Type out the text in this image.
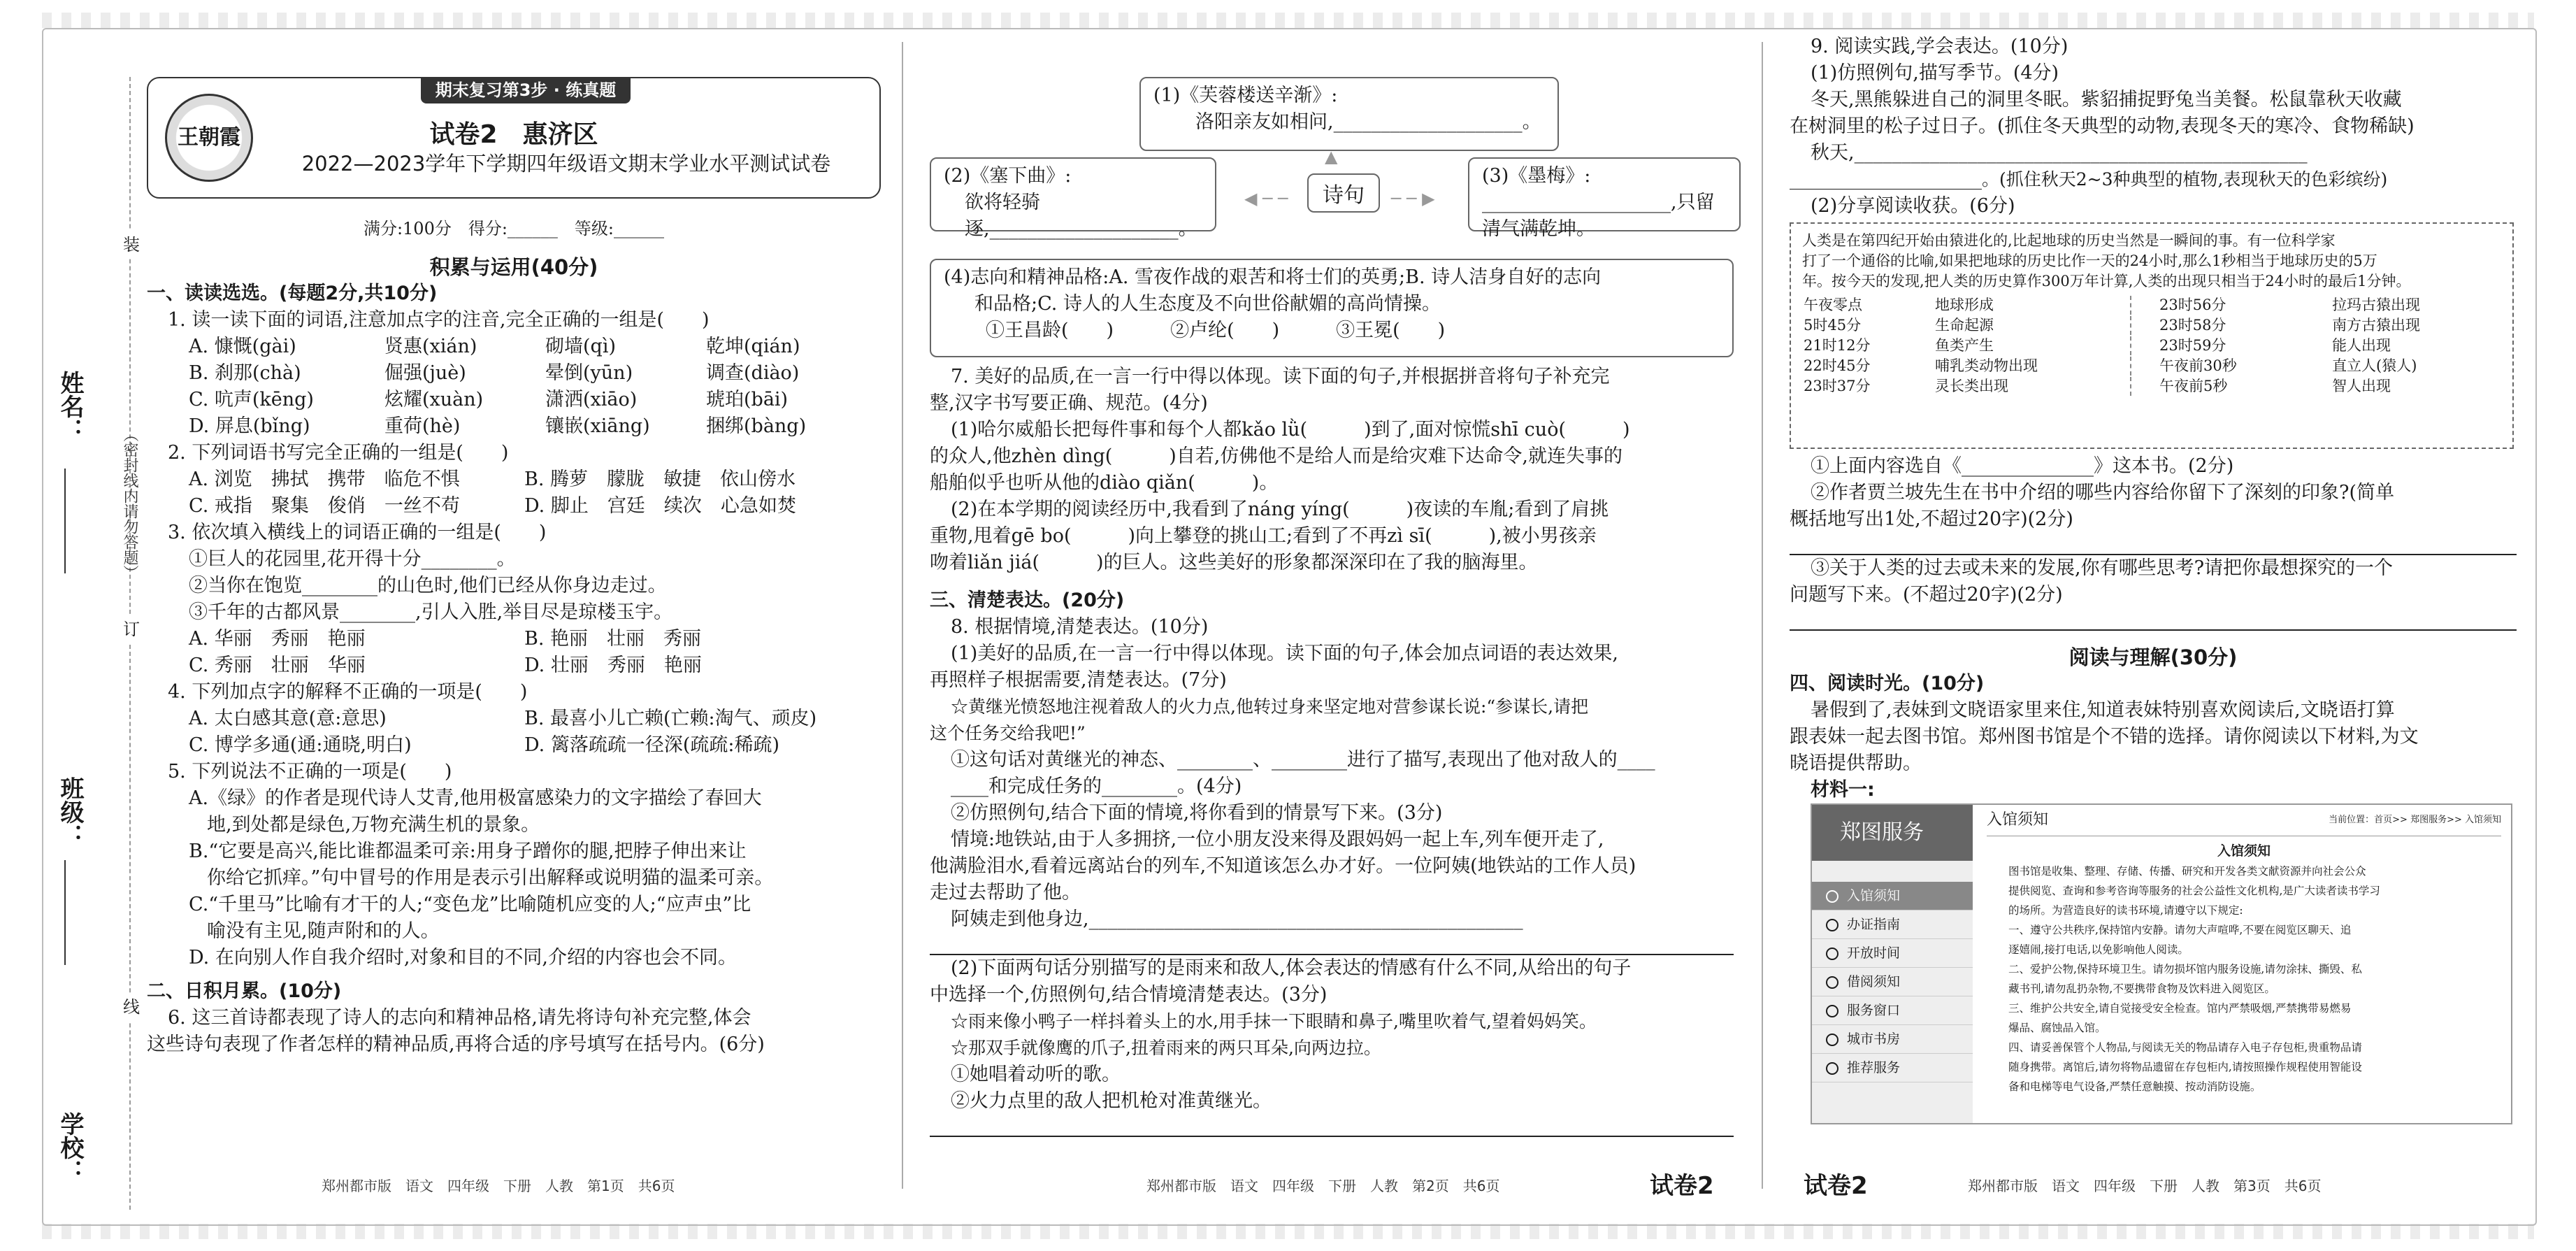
姓名：
班级：
学校：
装
订
线
（密封线内请勿答题）
期末复习第3步 · 练真题
王朝霞	试卷2　惠济区
2022—2023学年下学期四年级语文期末学业水平测试试卷

满分:100分　得分:______　等级:______

积累与运用(40分)

一、读读选选。(每题2分,共10分)

1. 读一读下面的词语,注意加点字的注音,完全正确的一组是(　　)

A. 慷慨(gài)	贤惠(xián)	砌墙(qì)	乾坤(qián)
B. 刹那(chà)	倔强(juè)	晕倒(yūn)	调查(diào)
C. 吭声(kēng)	炫耀(xuàn)	潇洒(xiāo)	琥珀(bāi)
D. 屏息(bǐng)	重荷(hè)	镶嵌(xiāng)	捆绑(bàng)

2. 下列词语书写完全正确的一组是(　　)

A. 浏览　拂拭　携带　临危不惧	B. 腾萝　朦胧　敏捷　依山傍水
C. 戒指　聚集　俊俏　一丝不苟	D. 脚止　宫廷　续次　心急如焚

3. 依次填入横线上的词语正确的一组是(　　)

①巨人的花园里,花开得十分________。

②当你在饱览________的山色时,他们已经从你身边走过。

③千年的古都风景________,引人入胜,举目尽是琼楼玉宇。

A. 华丽　秀丽　艳丽	B. 艳丽　壮丽　秀丽
C. 秀丽　壮丽　华丽	D. 壮丽　秀丽　艳丽

4. 下列加点字的解释不正确的一项是(　　)

A. 太白感其意(意:意思)	B. 最喜小儿亡赖(亡赖:淘气、顽皮)
C. 博学多通(通:通晓,明白)	D. 篱落疏疏一径深(疏疏:稀疏)

5. 下列说法不正确的一项是(　　)

A.《绿》的作者是现代诗人艾青,他用极富感染力的文字描绘了春回大

地,到处都是绿色,万物充满生机的景象。

B.“它要是高兴,能比谁都温柔可亲:用身子蹭你的腿,把脖子伸出来让

你给它抓痒。”句中冒号的作用是表示引出解释或说明猫的温柔可亲。

C.“千里马”比喻有才干的人;“变色龙”比喻随机应变的人;“应声虫”比

喻没有主见,随声附和的人。

D. 在向别人作自我介绍时,对象和目的不同,介绍的内容也会不同。

二、日积月累。(10分)

6. 这三首诗都表现了诗人的志向和精神品格,请先将诗句补充完整,体会

这些诗句表现了作者怎样的精神品质,再将合适的序号填写在括号内。(6分)

郑州都市版　语文　四年级　下册　人教　第1页　共6页

(1)《芙蓉楼送辛渐》:

洛阳亲友如相问,____________________。

(2)《塞下曲》:

欲将轻骑逐,____________________。

诗句
◀ ─ ─	─ ─ ▶
▲

(3)《墨梅》:

____________________,只留清气满乾坤。

(4)志向和精神品格:A. 雪夜作战的艰苦和将士们的英勇;B. 诗人洁身自好的志向

和品格;C. 诗人的人生态度及不向世俗献媚的高尚情操。

①王昌龄(　　)　　　②卢纶(　　)　　　③王冕(　　)

7. 美好的品质,在一言一行中得以体现。读下面的句子,并根据拼音将句子补充完

整,汉字书写要正确、规范。(4分)

(1)哈尔威船长把每件事和每个人都kǎo lǜ(　　　)到了,面对惊慌shī cuò(　　　)

的众人,他zhèn dìng(　　　)自若,仿佛他不是给人而是给灾难下达命令,就连失事的

船舶似乎也听从他的diào qiǎn(　　　)。

(2)在本学期的阅读经历中,我看到了náng yíng(　　　)夜读的车胤;看到了肩挑

重物,甩着gē bo(　　　)向上攀登的挑山工;看到了不再zì sī(　　　),被小男孩亲

吻着liǎn jiá(　　　)的巨人。这些美好的形象都深深印在了我的脑海里。

三、清楚表达。(20分)

8. 根据情境,清楚表达。(10分)

(1)美好的品质,在一言一行中得以体现。读下面的句子,体会加点词语的表达效果,

再照样子根据需要,清楚表达。(7分)

☆黄继光愤怒地注视着敌人的火力点,他转过身来坚定地对营参谋长说:“参谋长,请把

这个任务交给我吧!”

①这句话对黄继光的神态、________、________进行了描写,表现出了他对敌人的____

____和完成任务的________。(4分)

②仿照例句,结合下面的情境,将你看到的情景写下来。(3分)

情境:地铁站,由于人多拥挤,一位小朋友没来得及跟妈妈一起上车,列车便开走了,

他满脸泪水,看着远离站台的列车,不知道该怎么办才好。一位阿姨(地铁站的工作人员)

走过去帮助了他。

阿姨走到他身边,______________________________________________

(2)下面两句话分别描写的是雨来和敌人,体会表达的情感有什么不同,从给出的句子

中选择一个,仿照例句,结合情境清楚表达。(3分)

☆雨来像小鸭子一样抖着头上的水,用手抹一下眼睛和鼻子,嘴里吹着气,望着妈妈笑。

☆那双手就像鹰的爪子,扭着雨来的两只耳朵,向两边拉。

①她唱着动听的歌。

②火力点里的敌人把机枪对准黄继光。

郑州都市版　语文　四年级　下册　人教　第2页　共6页	试卷2

9. 阅读实践,学会表达。(10分)

(1)仿照例句,描写季节。(4分)

冬天,黑熊躲进自己的洞里冬眠。紫貂捕捉野兔当美餐。松鼠靠秋天收藏

在树洞里的松子过日子。(抓住冬天典型的动物,表现冬天的寒冷、食物稀缺)

秋天,________________________________________________

______________________。(抓住秋天2~3种典型的植物,表现秋天的色彩缤纷)

(2)分享阅读收获。(6分)

人类是在第四纪开始由猿进化的,比起地球的历史当然是一瞬间的事。有一位科学家

打了一个通俗的比喻,如果把地球的历史比作一天的24小时,那么1秒相当于地球历史的5万

年。按今天的发现,把人类的历史算作300万年计算,人类的出现只相当于24小时的最后1分钟。

午夜零点	地球形成	23时56分	拉玛古猿出现
5时45分	生命起源	23时58分	南方古猿出现
21时12分	鱼类产生	23时59分	能人出现
22时45分	哺乳类动物出现	午夜前30秒	直立人(猿人)
23时37分	灵长类出现	午夜前5秒	智人出现

①上面内容选自《______________》这本书。(2分)

②作者贾兰坡先生在书中介绍的哪些内容给你留下了深刻的印象?(简单

概括地写出1处,不超过20字)(2分)

③关于人类的过去或未来的发展,你有哪些思考?请把你最想探究的一个

问题写下来。(不超过20字)(2分)

阅读与理解(30分)

四、阅读时光。(10分)

暑假到了,表妹到文晓语家里来住,知道表妹特别喜欢阅读后,文晓语打算

跟表妹一起去图书馆。郑州图书馆是个不错的选择。请你阅读以下材料,为文

晓语提供帮助。

材料一:

郑图服务
入馆须知
办证指南
开放时间
借阅须知
服务窗口
城市书房
推荐服务
入馆须知	当前位置：首页>> 郑图服务>> 入馆须知

入馆须知

图书馆是收集、整理、存储、传播、研究和开发各类文献资源并向社会公众

提供阅览、查询和参考咨询等服务的社会公益性文化机构,是广大读者读书学习

的场所。为营造良好的读书环境,请遵守以下规定:

一、遵守公共秩序,保持馆内安静。请勿大声喧哗,不要在阅览区聊天、追

逐嬉闹,接打电话,以免影响他人阅读。

二、爱护公物,保持环境卫生。请勿损坏馆内服务设施,请勿涂抹、撕毁、私

藏书刊,请勿乱扔杂物,不要携带食物及饮料进入阅览区。

三、维护公共安全,请自觉接受安全检查。馆内严禁吸烟,严禁携带易燃易

爆品、腐蚀品入馆。

四、请妥善保管个人物品,与阅读无关的物品请存入电子存包柜,贵重物品请

随身携带。离馆后,请勿将物品遗留在存包柜内,请按照操作规程使用智能设

备和电梯等电气设备,严禁任意触摸、按动消防设施。

试卷2	郑州都市版　语文　四年级　下册　人教　第3页　共6页
